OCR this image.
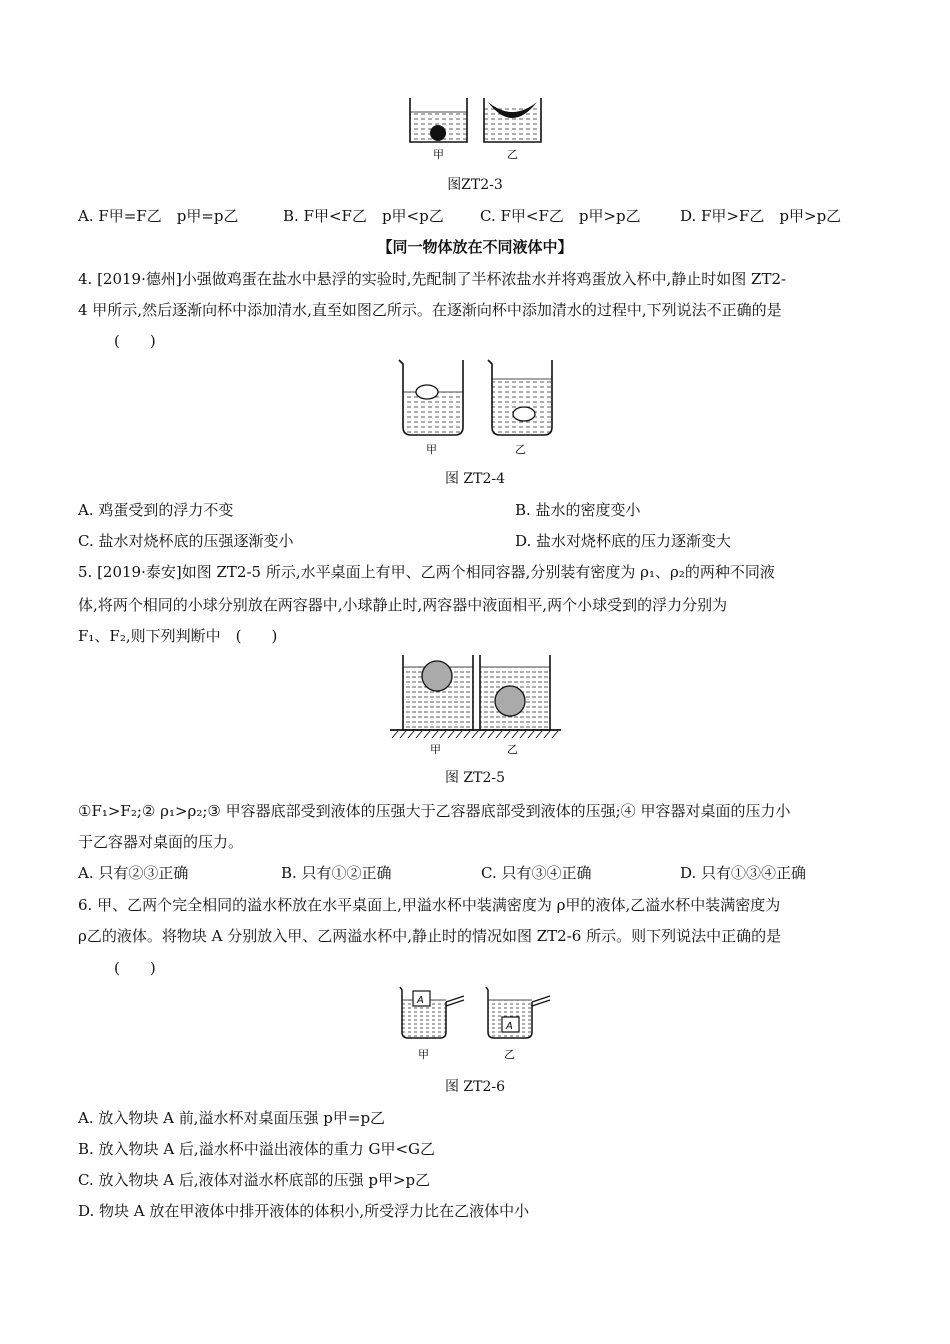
甲	乙
图ZT2-3
A. F甲=F乙　p甲=p乙	B. F甲<F乙　p甲<p乙 C. F甲<F乙　p甲>p乙	D. F甲>F乙　p甲>p乙
【同一物体放在不同液体中】
4. [2019·德州]小强做鸡蛋在盐水中悬浮的实验时,先配制了半杯浓盐水并将鸡蛋放入杯中,静止时如图 ZT2-
4 甲所示,然后逐渐向杯中添加清水,直至如图乙所示。在逐渐向杯中添加清水的过程中,下列说法不正确的是
(　　)
甲	乙
图 ZT2-4
A. 鸡蛋受到的浮力不变	B. 盐水的密度变小
C. 盐水对烧杯底的压强逐渐变小	D. 盐水对烧杯底的压力逐渐变大
5. [2019·泰安]如图 ZT2-5 所示,水平桌面上有甲、乙两个相同容器,分别装有密度为 ρ₁、ρ₂的两种不同液
体,将两个相同的小球分别放在两容器中,小球静止时,两容器中液面相平,两个小球受到的浮力分别为
F₁、F₂,则下列判断中　(　　)
甲	乙
图 ZT2-5
①F₁>F₂;② ρ₁>ρ₂;③ 甲容器底部受到液体的压强大于乙容器底部受到液体的压强;④ 甲容器对桌面的压力小
于乙容器对桌面的压力。
A. 只有②③正确	B. 只有①②正确	C. 只有③④正确	D. 只有①③④正确
6. 甲、乙两个完全相同的溢水杯放在水平桌面上,甲溢水杯中装满密度为 ρ甲的液体,乙溢水杯中装满密度为
ρ乙的液体。将物块 A 分别放入甲、乙两溢水杯中,静止时的情况如图 ZT2-6 所示。则下列说法中正确的是
(　　)
A
A
甲	乙
图 ZT2-6
A. 放入物块 A 前,溢水杯对桌面压强 p甲=p乙
B. 放入物块 A 后,溢水杯中溢出液体的重力 G甲<G乙
C. 放入物块 A 后,液体对溢水杯底部的压强 p甲>p乙
D. 物块 A 放在甲液体中排开液体的体积小,所受浮力比在乙液体中小
